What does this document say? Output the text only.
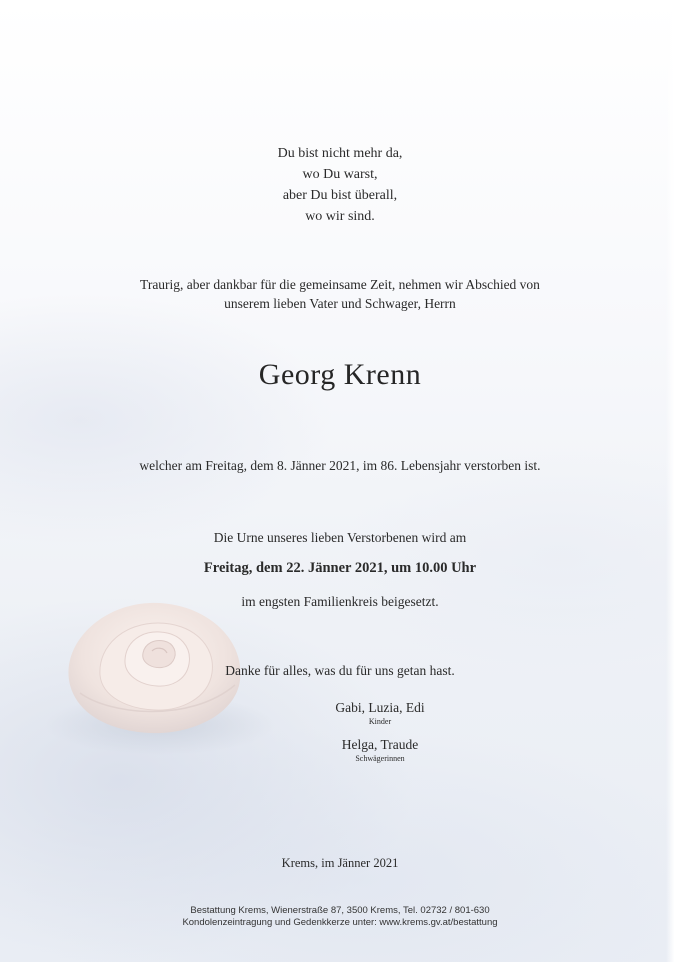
Du bist nicht mehr da,
wo Du warst,
aber Du bist überall,
wo wir sind.
Traurig, aber dankbar für die gemeinsame Zeit, nehmen wir Abschied von
unserem lieben Vater und Schwager, Herrn
Georg Krenn
welcher am Freitag, dem 8. Jänner 2021, im 86. Lebensjahr verstorben ist.
Die Urne unseres lieben Verstorbenen wird am
Freitag, dem 22. Jänner 2021, um 10.00 Uhr
im engsten Familienkreis beigesetzt.
Danke für alles, was du für uns getan hast.
Gabi, Luzia, Edi
Kinder
Helga, Traude
Schwägerinnen
Krems, im Jänner 2021
Bestattung Krems, Wienerstraße 87, 3500 Krems, Tel. 02732 / 801-630
Kondolenzeintragung und Gedenkkerze unter: www.krems.gv.at/bestattung
